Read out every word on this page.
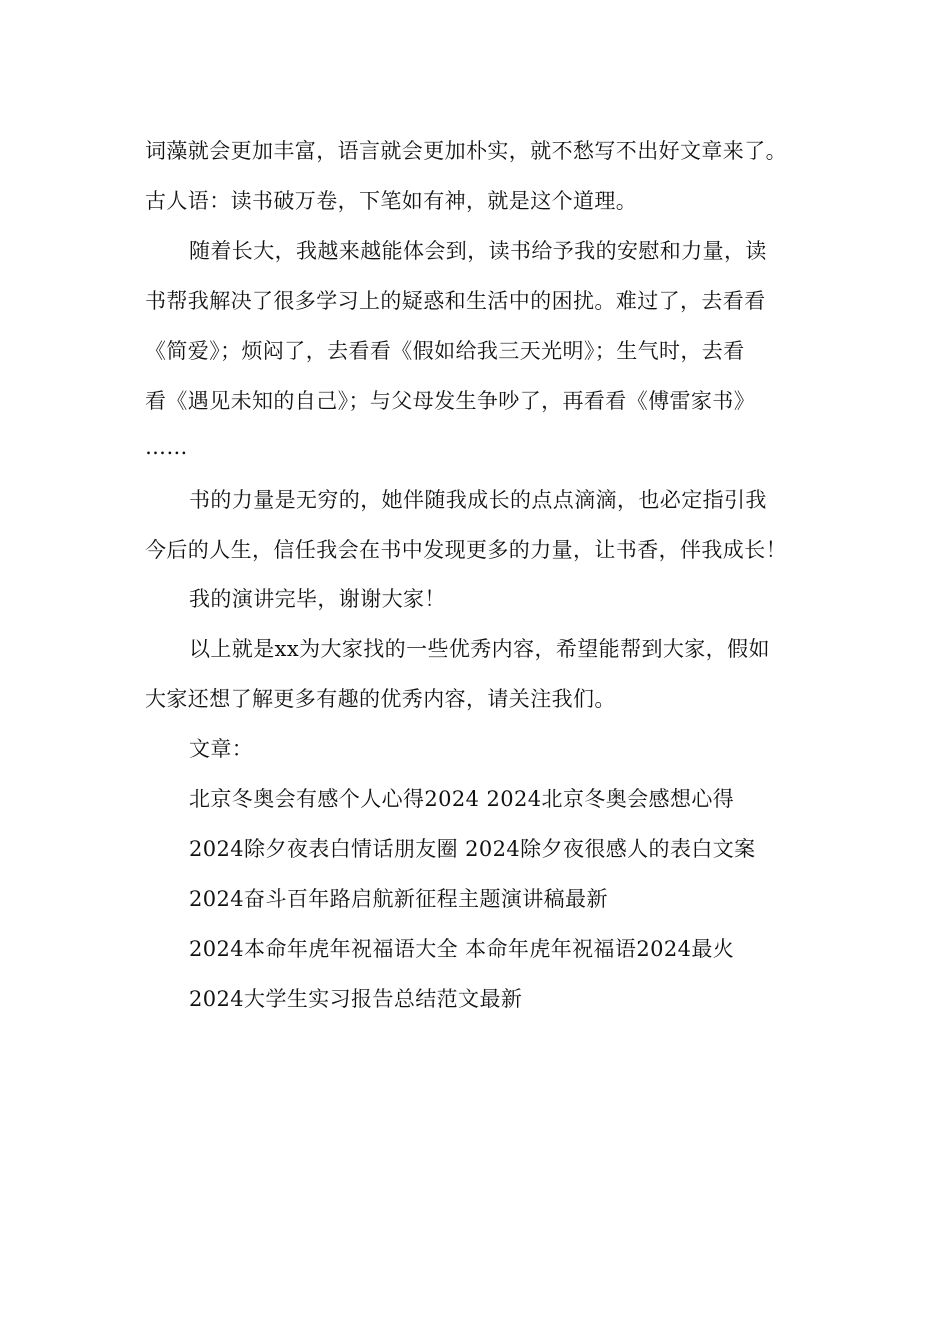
词藻就会更加丰富，语言就会更加朴实，就不愁写不出好文章来了。
古人语：读书破万卷，下笔如有神，就是这个道理。
随着长大，我越来越能体会到，读书给予我的安慰和力量，读
书帮我解决了很多学习上的疑惑和生活中的困扰。难过了，去看看
《简爱》；烦闷了，去看看《假如给我三天光明》；生气时，去看
看《遇见未知的自己》；与父母发生争吵了，再看看《傅雷家书》
……
书的力量是无穷的，她伴随我成长的点点滴滴，也必定指引我
今后的人生，信任我会在书中发现更多的力量，让书香，伴我成长！
我的演讲完毕，谢谢大家！
以上就是xx为大家找的一些优秀内容，希望能帮到大家，假如
大家还想了解更多有趣的优秀内容，请关注我们。
文章：
北京冬奥会有感个人心得2024 2024北京冬奥会感想心得
2024除夕夜表白情话朋友圈 2024除夕夜很感人的表白文案
2024奋斗百年路启航新征程主题演讲稿最新
2024本命年虎年祝福语大全 本命年虎年祝福语2024最火
2024大学生实习报告总结范文最新
